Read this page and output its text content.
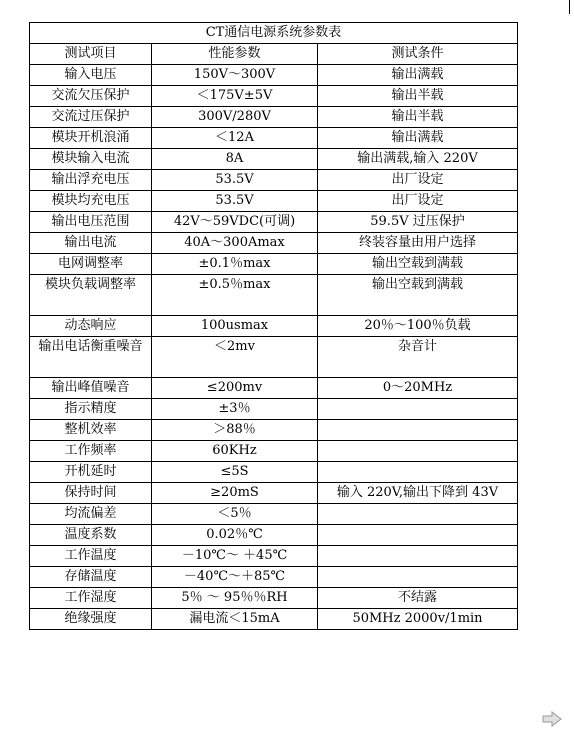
CT通信电源系统参数表		
测试项目	性能参数	测试条件
输入电压	150V～300V	输出满载
交流欠压保护	＜175V±5V	输出半载
交流过压保护	300V/280V	输出半载
模块开机浪涌	＜12A	输出满载
模块输入电流	8A	输出满载,输入 220V
输出浮充电压	53.5V	出厂设定
模块均充电压	53.5V	出厂设定
输出电压范围	42V～59VDC(可调)	59.5V 过压保护
输出电流	40A～300Amax	终装容量由用户选择
电网调整率	±0.1％max	输出空载到满载
模块负载调整率	±0.5％max	输出空载到满载
动态响应	100usmax	20％～100％负载
输出电话衡重噪音	＜2mv	杂音计
输出峰值噪音	≤200mv	0～20MHz
指示精度	±3％	
整机效率	＞88％	
工作频率	60KHz	
开机延时	≤5S	
保持时间	≥20mS	输入 220V,输出下降到 43V
均流偏差	＜5％	
温度系数	0.02％℃	
工作温度	－10℃～ ＋45℃	
存储温度	－40℃～＋85℃	
工作湿度	5％ ～ 95％％RH	不结露
绝缘强度	漏电流＜15mA	50MHz 2000v/1min
